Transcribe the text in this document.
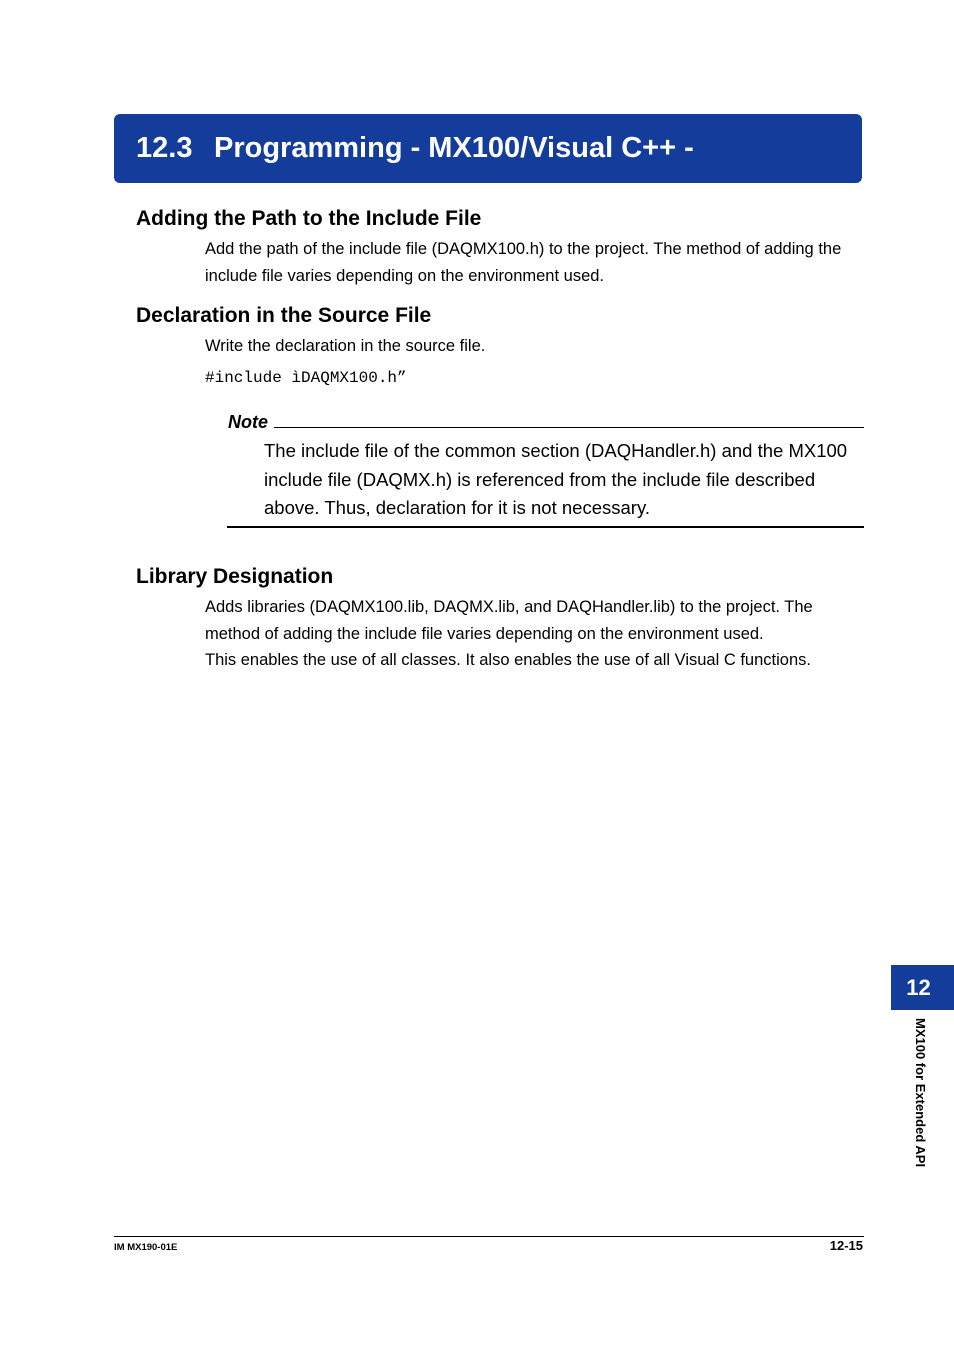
12.3 Programming - MX100/Visual C++ -
Adding the Path to the Include File
Add the path of the include file (DAQMX100.h) to the project. The method of adding the include file varies depending on the environment used.
Declaration in the Source File
Write the declaration in the source file.
#include ìDAQMX100.h”
Note
The include file of the common section (DAQHandler.h) and the MX100 include file (DAQMX.h) is referenced from the include file described above. Thus, declaration for it is not necessary.
Library Designation
Adds libraries (DAQMX100.lib, DAQMX.lib, and DAQHandler.lib) to the project. The method of adding the include file varies depending on the environment used.
This enables the use of all classes. It also enables the use of all Visual C functions.
12
MX100 for Extended API
IM MX190-01E	12-15
